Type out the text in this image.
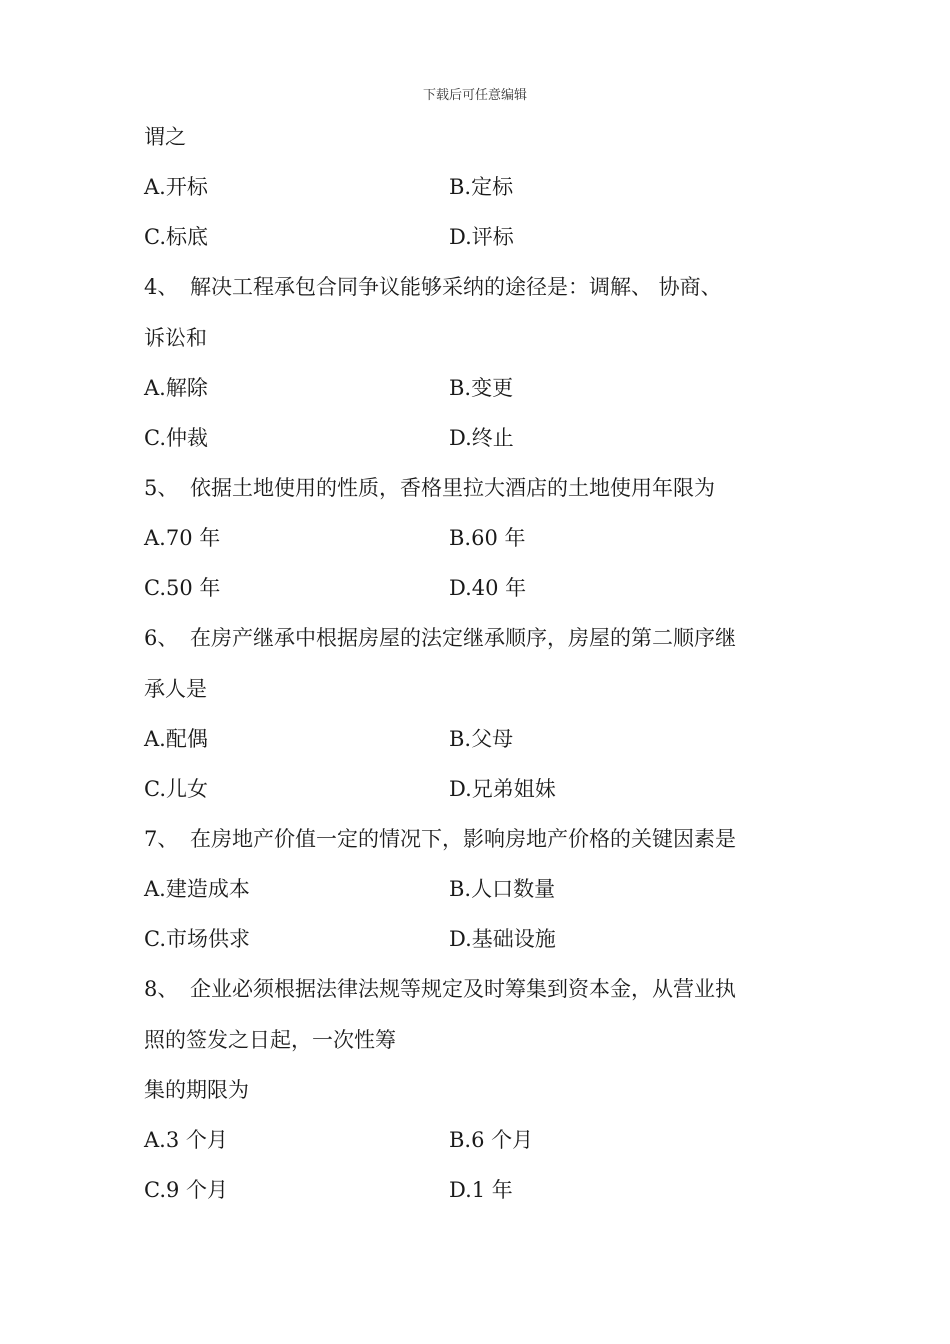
下载后可任意编辑
谓之
A.开标	B.定标
C.标底	D.评标
4、 解决工程承包合同争议能够采纳的途径是：调解、 协商、
诉讼和
A.解除	B.变更
C.仲裁	D.终止
5、 依据土地使用的性质，香格里拉大酒店的土地使用年限为
A.70 年	B.60 年
C.50 年	D.40 年
6、 在房产继承中根据房屋的法定继承顺序，房屋的第二顺序继
承人是
A.配偶	B.父母
C.儿女	D.兄弟姐妹
7、 在房地产价值一定的情况下，影响房地产价格的关键因素是
A.建造成本	B.人口数量
C.市场供求	D.基础设施
8、 企业必须根据法律法规等规定及时筹集到资本金，从营业执
照的签发之日起，一次性筹
集的期限为
A.3 个月	B.6 个月
C.9 个月	D.1 年
